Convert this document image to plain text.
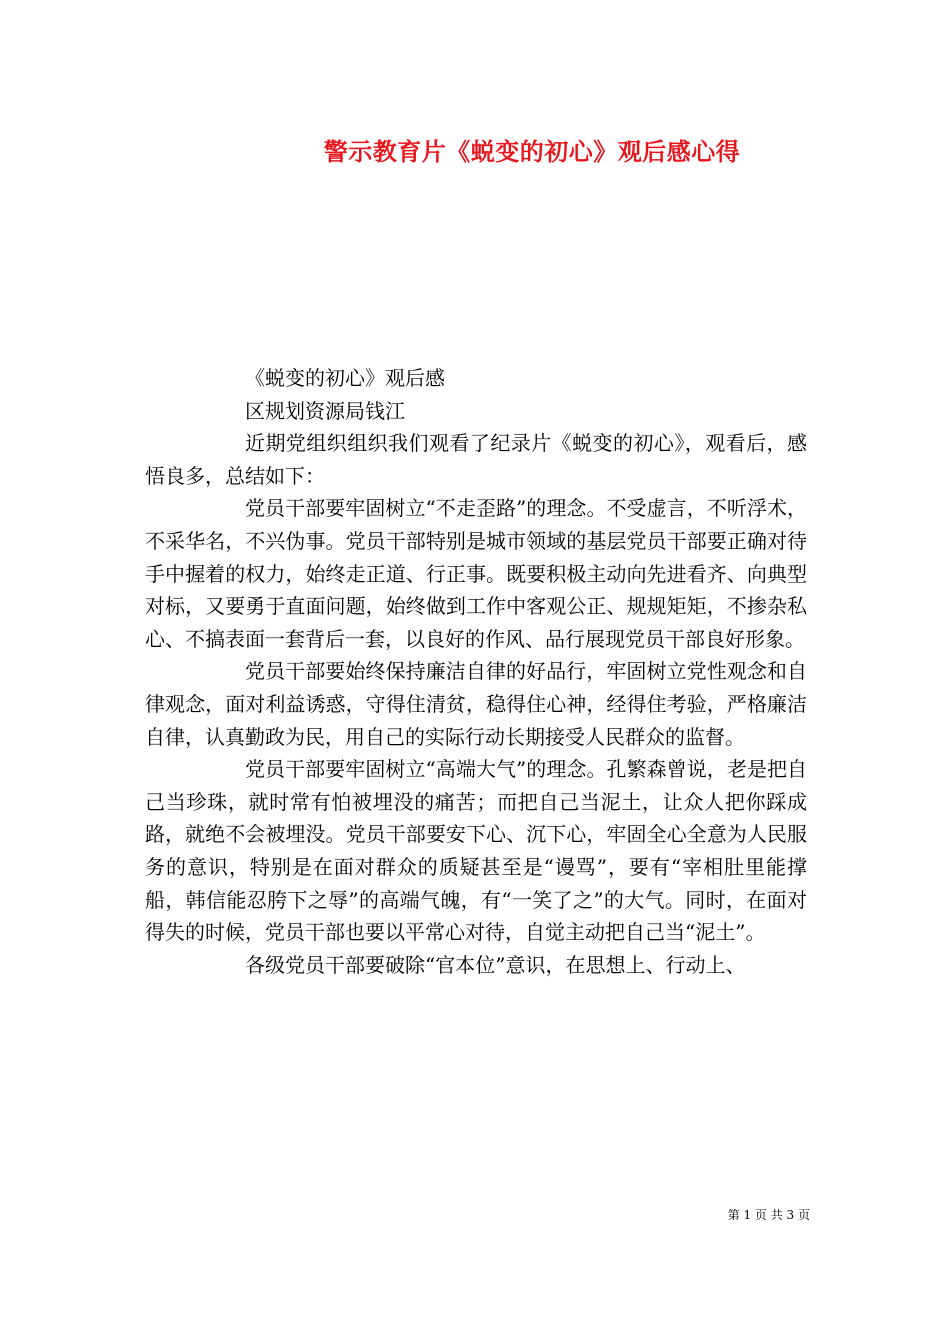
警示教育片《蜕变的初心》观后感心得

《蜕变的初心》观后感

区规划资源局钱江

近期党组织组织我们观看了纪录片《蜕变的初心》，观看后，感悟良多，总结如下：

党员干部要牢固树立“不走歪路”的理念。不受虚言，不听浮术，不采华名，不兴伪事。党员干部特别是城市领域的基层党员干部要正确对待手中握着的权力，始终走正道、行正事。既要积极主动向先进看齐、向典型对标，又要勇于直面问题，始终做到工作中客观公正、规规矩矩，不掺杂私心、不搞表面一套背后一套，以良好的作风、品行展现党员干部良好形象。

党员干部要始终保持廉洁自律的好品行，牢固树立党性观念和自律观念，面对利益诱惑，守得住清贫，稳得住心神，经得住考验，严格廉洁自律，认真勤政为民，用自己的实际行动长期接受人民群众的监督。

党员干部要牢固树立“高端大气”的理念。孔繁森曾说，老是把自己当珍珠，就时常有怕被埋没的痛苦；而把自己当泥土，让众人把你踩成路，就绝不会被埋没。党员干部要安下心、沉下心，牢固全心全意为人民服务的意识，特别是在面对群众的质疑甚至是“谩骂”，要有“宰相肚里能撑船，韩信能忍胯下之辱”的高端气魄，有“一笑了之”的大气。同时，在面对得失的时候，党员干部也要以平常心对待，自觉主动把自己当“泥土”。

各级党员干部要破除“官本位”意识，在思想上、行动上、

第 1 页 共 3 页
